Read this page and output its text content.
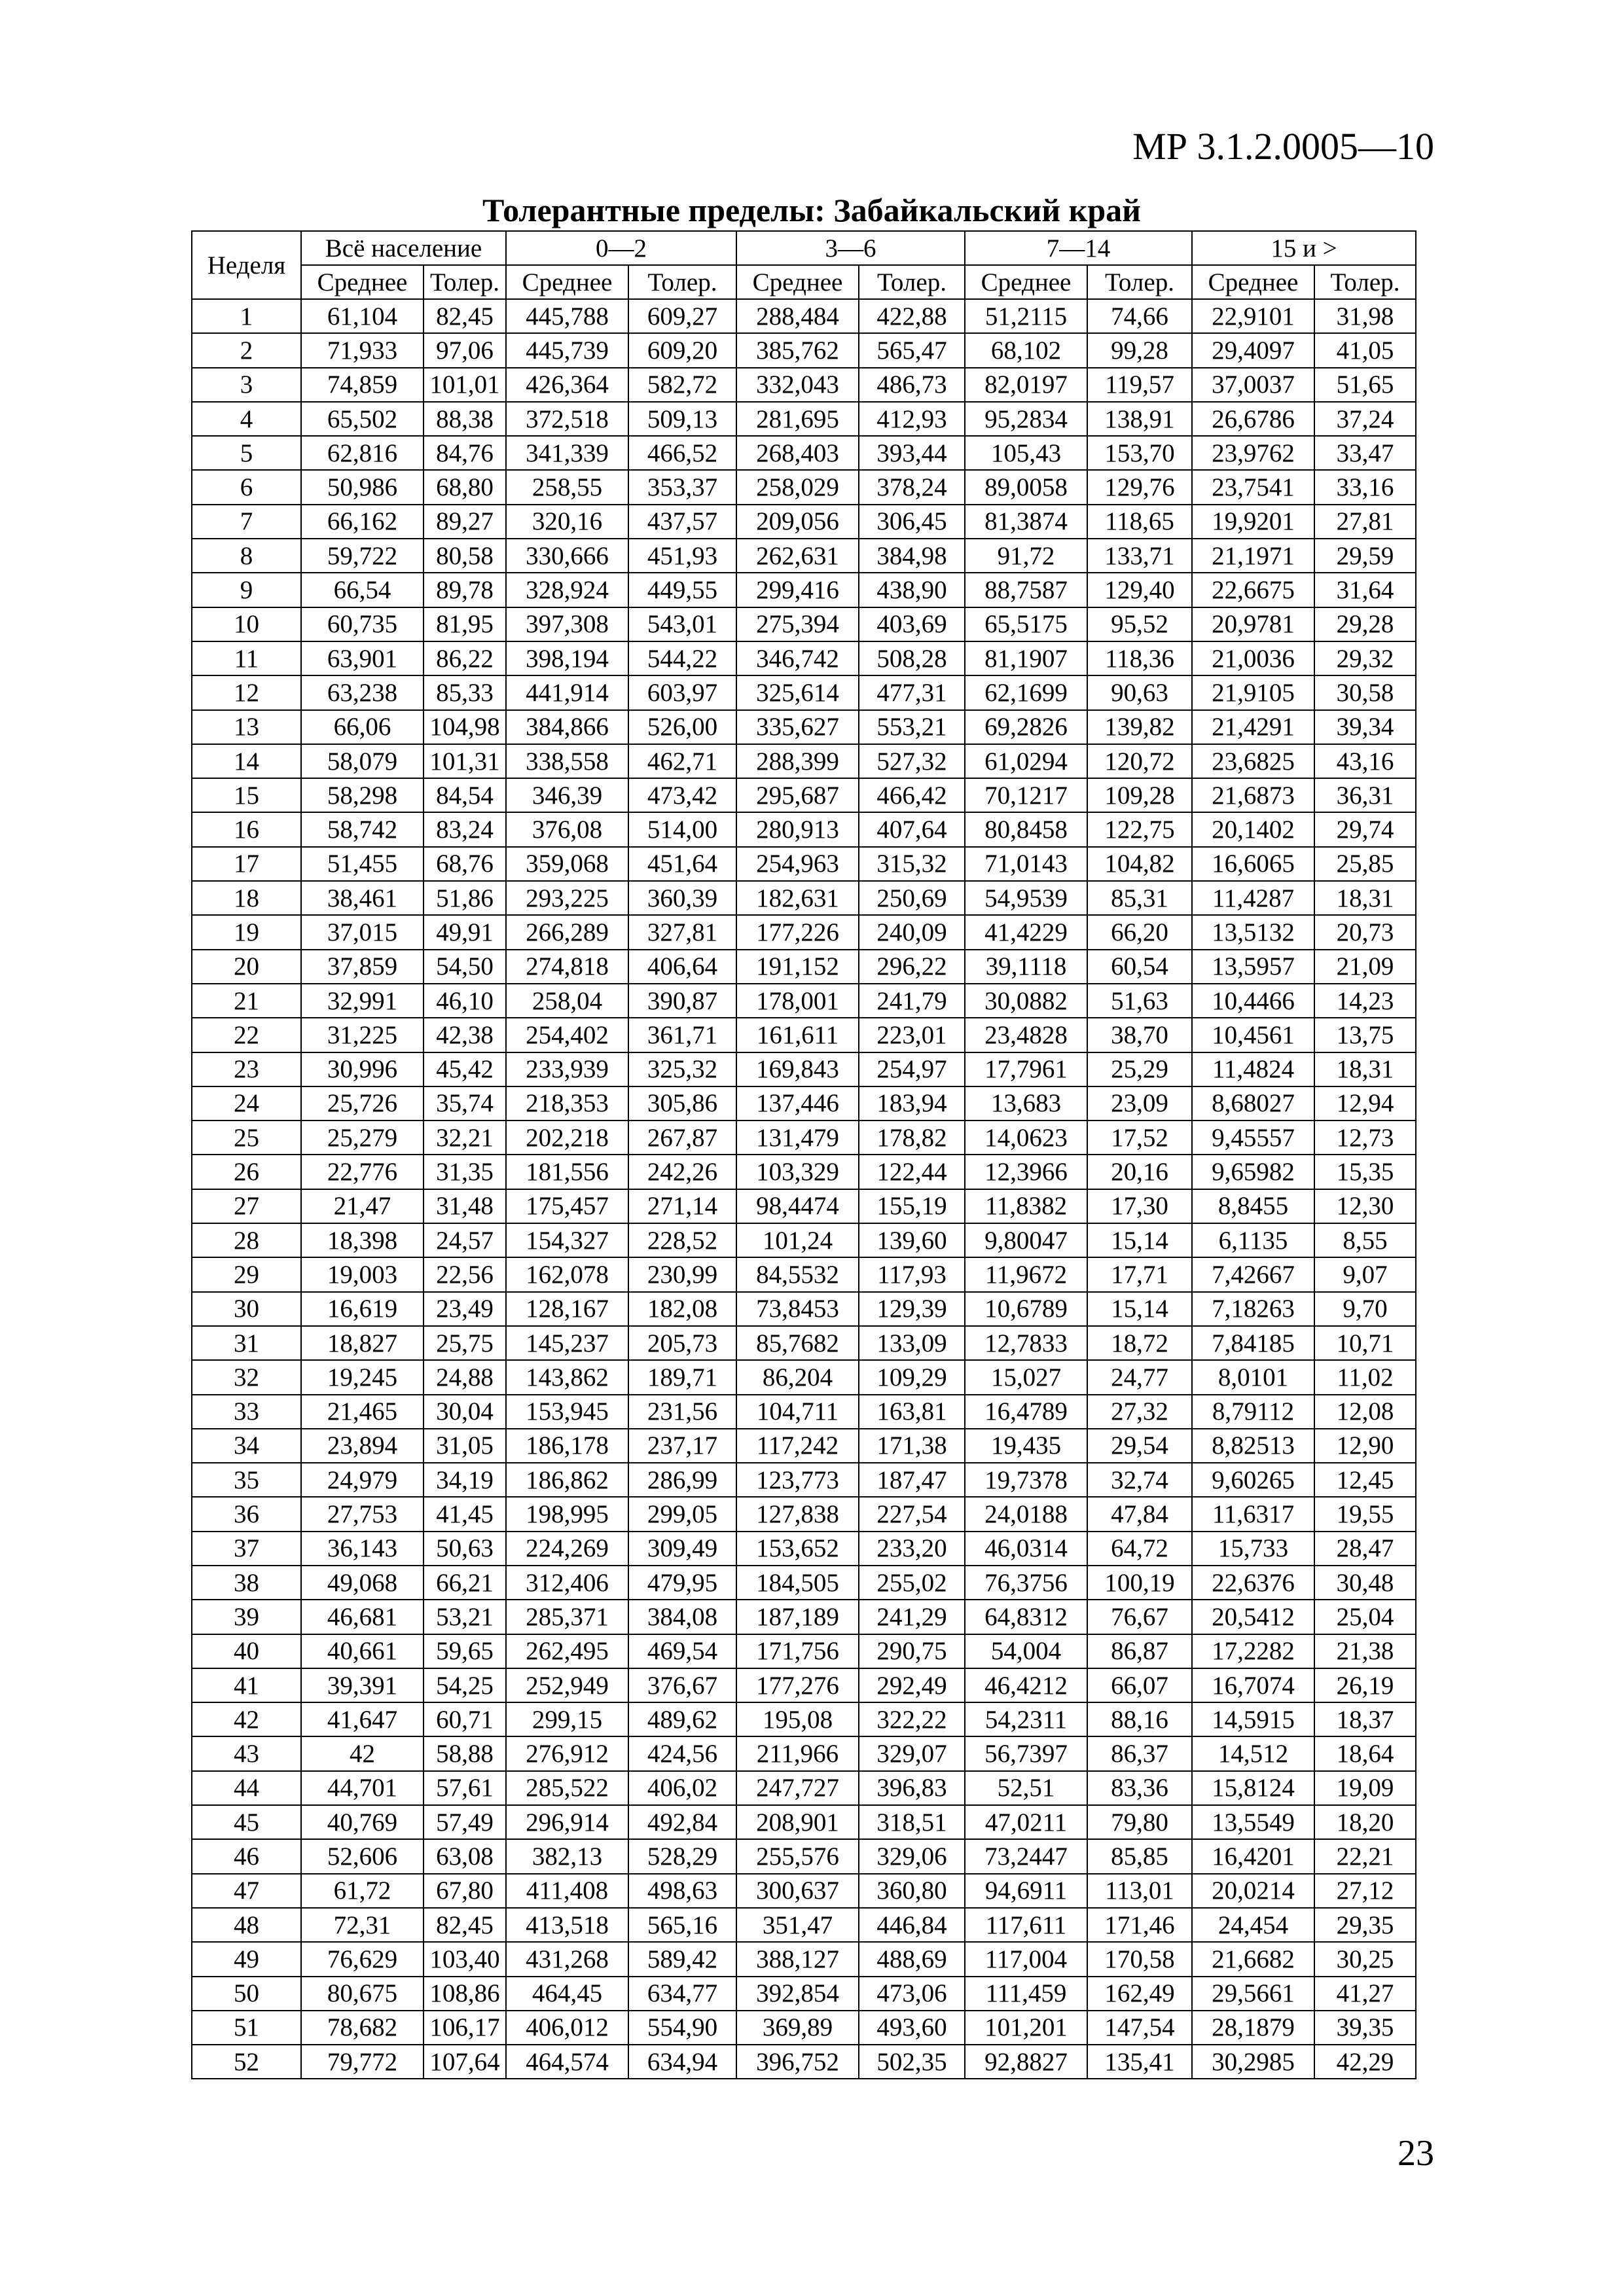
МР 3.1.2.0005—10
Толерантные пределы: Забайкальский край
Неделя	Всё население		0—2		3—6		7—14		15 и >	
	Среднее	Толер.	Среднее	Толер.	Среднее	Толер.	Среднее	Толер.	Среднее	Толер.
1	61,104	82,45	445,788	609,27	288,484	422,88	51,2115	74,66	22,9101	31,98
2	71,933	97,06	445,739	609,20	385,762	565,47	68,102	99,28	29,4097	41,05
3	74,859	101,01	426,364	582,72	332,043	486,73	82,0197	119,57	37,0037	51,65
4	65,502	88,38	372,518	509,13	281,695	412,93	95,2834	138,91	26,6786	37,24
5	62,816	84,76	341,339	466,52	268,403	393,44	105,43	153,70	23,9762	33,47
6	50,986	68,80	258,55	353,37	258,029	378,24	89,0058	129,76	23,7541	33,16
7	66,162	89,27	320,16	437,57	209,056	306,45	81,3874	118,65	19,9201	27,81
8	59,722	80,58	330,666	451,93	262,631	384,98	91,72	133,71	21,1971	29,59
9	66,54	89,78	328,924	449,55	299,416	438,90	88,7587	129,40	22,6675	31,64
10	60,735	81,95	397,308	543,01	275,394	403,69	65,5175	95,52	20,9781	29,28
11	63,901	86,22	398,194	544,22	346,742	508,28	81,1907	118,36	21,0036	29,32
12	63,238	85,33	441,914	603,97	325,614	477,31	62,1699	90,63	21,9105	30,58
13	66,06	104,98	384,866	526,00	335,627	553,21	69,2826	139,82	21,4291	39,34
14	58,079	101,31	338,558	462,71	288,399	527,32	61,0294	120,72	23,6825	43,16
15	58,298	84,54	346,39	473,42	295,687	466,42	70,1217	109,28	21,6873	36,31
16	58,742	83,24	376,08	514,00	280,913	407,64	80,8458	122,75	20,1402	29,74
17	51,455	68,76	359,068	451,64	254,963	315,32	71,0143	104,82	16,6065	25,85
18	38,461	51,86	293,225	360,39	182,631	250,69	54,9539	85,31	11,4287	18,31
19	37,015	49,91	266,289	327,81	177,226	240,09	41,4229	66,20	13,5132	20,73
20	37,859	54,50	274,818	406,64	191,152	296,22	39,1118	60,54	13,5957	21,09
21	32,991	46,10	258,04	390,87	178,001	241,79	30,0882	51,63	10,4466	14,23
22	31,225	42,38	254,402	361,71	161,611	223,01	23,4828	38,70	10,4561	13,75
23	30,996	45,42	233,939	325,32	169,843	254,97	17,7961	25,29	11,4824	18,31
24	25,726	35,74	218,353	305,86	137,446	183,94	13,683	23,09	8,68027	12,94
25	25,279	32,21	202,218	267,87	131,479	178,82	14,0623	17,52	9,45557	12,73
26	22,776	31,35	181,556	242,26	103,329	122,44	12,3966	20,16	9,65982	15,35
27	21,47	31,48	175,457	271,14	98,4474	155,19	11,8382	17,30	8,8455	12,30
28	18,398	24,57	154,327	228,52	101,24	139,60	9,80047	15,14	6,1135	8,55
29	19,003	22,56	162,078	230,99	84,5532	117,93	11,9672	17,71	7,42667	9,07
30	16,619	23,49	128,167	182,08	73,8453	129,39	10,6789	15,14	7,18263	9,70
31	18,827	25,75	145,237	205,73	85,7682	133,09	12,7833	18,72	7,84185	10,71
32	19,245	24,88	143,862	189,71	86,204	109,29	15,027	24,77	8,0101	11,02
33	21,465	30,04	153,945	231,56	104,711	163,81	16,4789	27,32	8,79112	12,08
34	23,894	31,05	186,178	237,17	117,242	171,38	19,435	29,54	8,82513	12,90
35	24,979	34,19	186,862	286,99	123,773	187,47	19,7378	32,74	9,60265	12,45
36	27,753	41,45	198,995	299,05	127,838	227,54	24,0188	47,84	11,6317	19,55
37	36,143	50,63	224,269	309,49	153,652	233,20	46,0314	64,72	15,733	28,47
38	49,068	66,21	312,406	479,95	184,505	255,02	76,3756	100,19	22,6376	30,48
39	46,681	53,21	285,371	384,08	187,189	241,29	64,8312	76,67	20,5412	25,04
40	40,661	59,65	262,495	469,54	171,756	290,75	54,004	86,87	17,2282	21,38
41	39,391	54,25	252,949	376,67	177,276	292,49	46,4212	66,07	16,7074	26,19
42	41,647	60,71	299,15	489,62	195,08	322,22	54,2311	88,16	14,5915	18,37
43	42	58,88	276,912	424,56	211,966	329,07	56,7397	86,37	14,512	18,64
44	44,701	57,61	285,522	406,02	247,727	396,83	52,51	83,36	15,8124	19,09
45	40,769	57,49	296,914	492,84	208,901	318,51	47,0211	79,80	13,5549	18,20
46	52,606	63,08	382,13	528,29	255,576	329,06	73,2447	85,85	16,4201	22,21
47	61,72	67,80	411,408	498,63	300,637	360,80	94,6911	113,01	20,0214	27,12
48	72,31	82,45	413,518	565,16	351,47	446,84	117,611	171,46	24,454	29,35
49	76,629	103,40	431,268	589,42	388,127	488,69	117,004	170,58	21,6682	30,25
50	80,675	108,86	464,45	634,77	392,854	473,06	111,459	162,49	29,5661	41,27
51	78,682	106,17	406,012	554,90	369,89	493,60	101,201	147,54	28,1879	39,35
52	79,772	107,64	464,574	634,94	396,752	502,35	92,8827	135,41	30,2985	42,29
23
